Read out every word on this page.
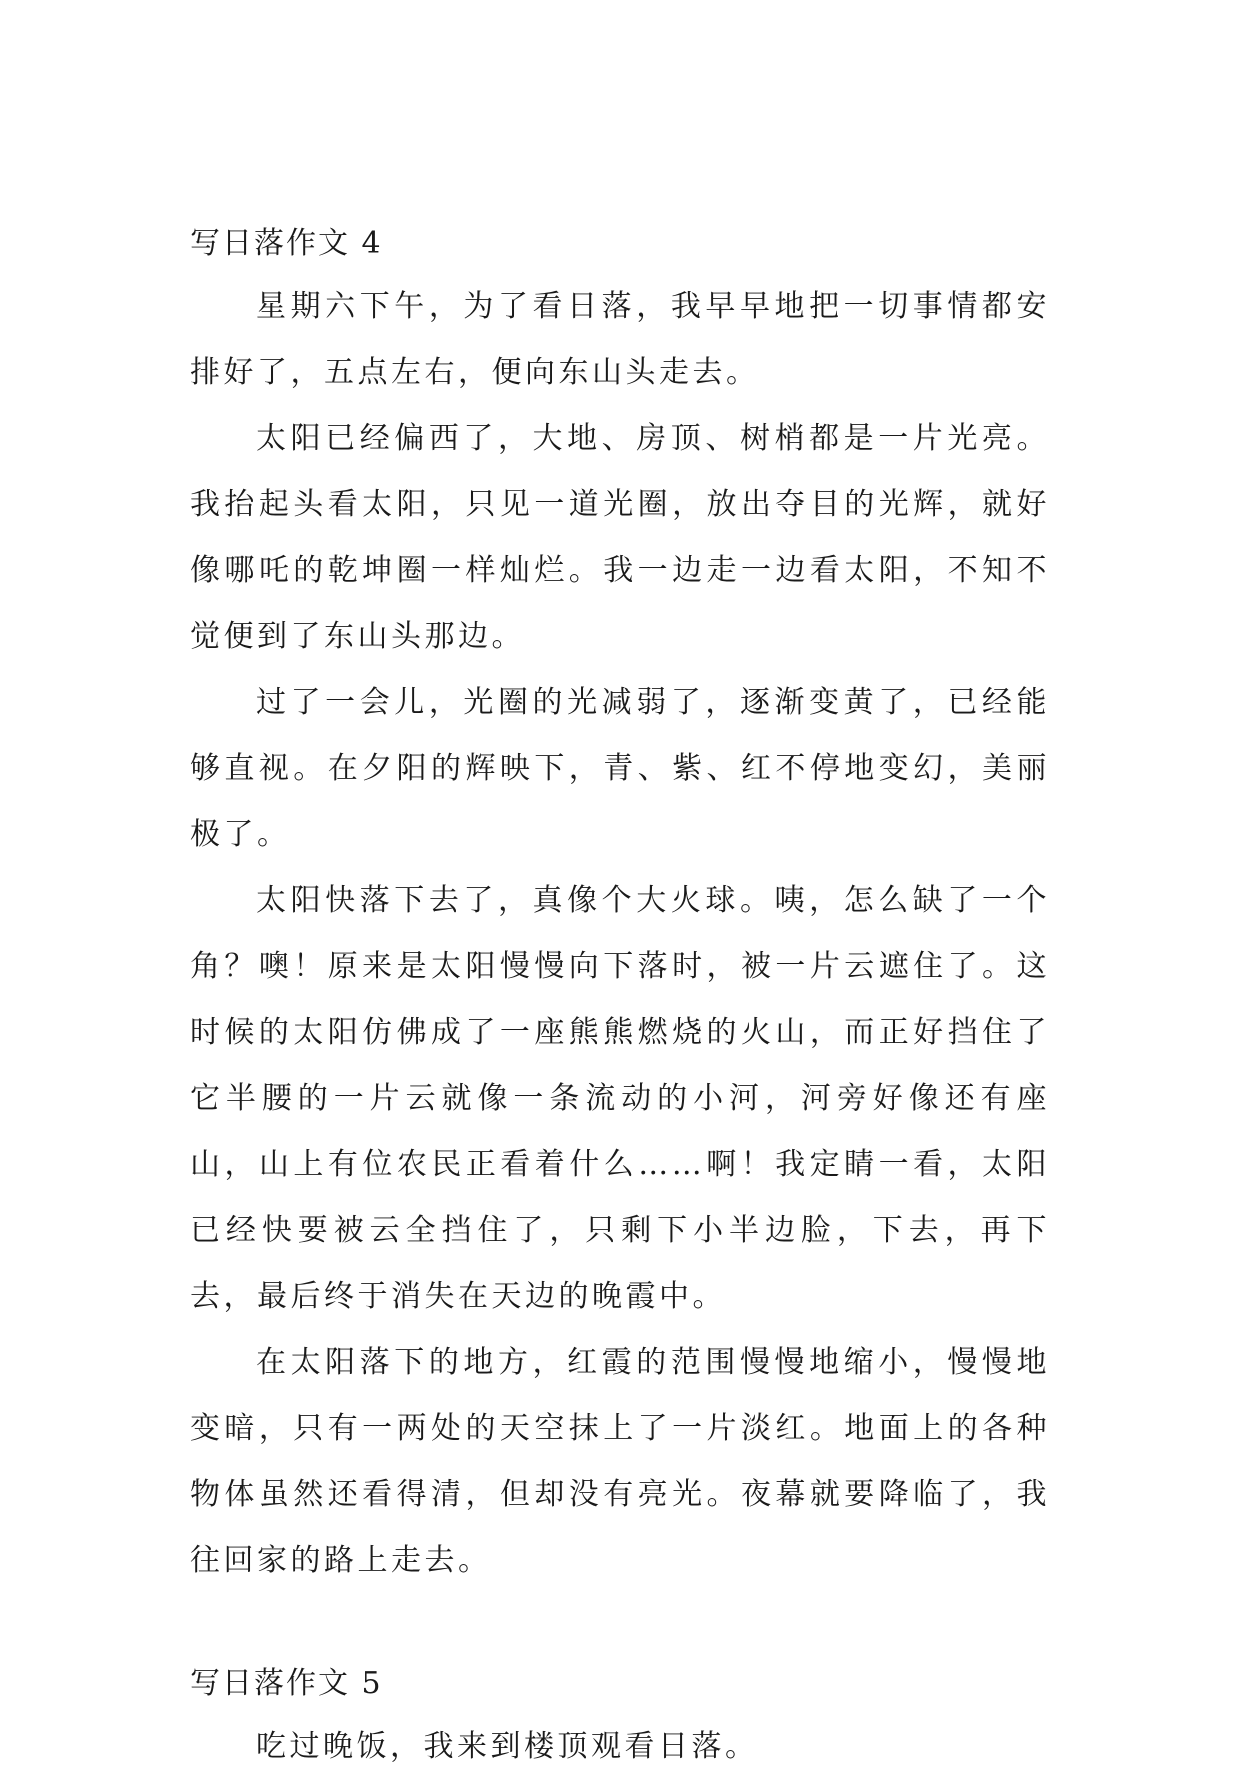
写日落作文 4

星期六下午，为了看日落，我早早地把一切事情都安排好了，五点左右，便向东山头走去。

太阳已经偏西了，大地、房顶、树梢都是一片光亮。我抬起头看太阳，只见一道光圈，放出夺目的光辉，就好像哪吒的乾坤圈一样灿烂。我一边走一边看太阳，不知不觉便到了东山头那边。

过了一会儿，光圈的光减弱了，逐渐变黄了，已经能够直视。在夕阳的辉映下，青、紫、红不停地变幻，美丽极了。

太阳快落下去了，真像个大火球。咦，怎么缺了一个角？噢！原来是太阳慢慢向下落时，被一片云遮住了。这时候的太阳仿佛成了一座熊熊燃烧的火山，而正好挡住了它半腰的一片云就像一条流动的小河，河旁好像还有座山，山上有位农民正看着什么……啊！我定睛一看，太阳已经快要被云全挡住了，只剩下小半边脸，下去，再下去，最后终于消失在天边的晚霞中。

在太阳落下的地方，红霞的范围慢慢地缩小，慢慢地变暗，只有一两处的天空抹上了一片淡红。地面上的各种物体虽然还看得清，但却没有亮光。夜幕就要降临了，我往回家的路上走去。

写日落作文 5

吃过晚饭，我来到楼顶观看日落。
